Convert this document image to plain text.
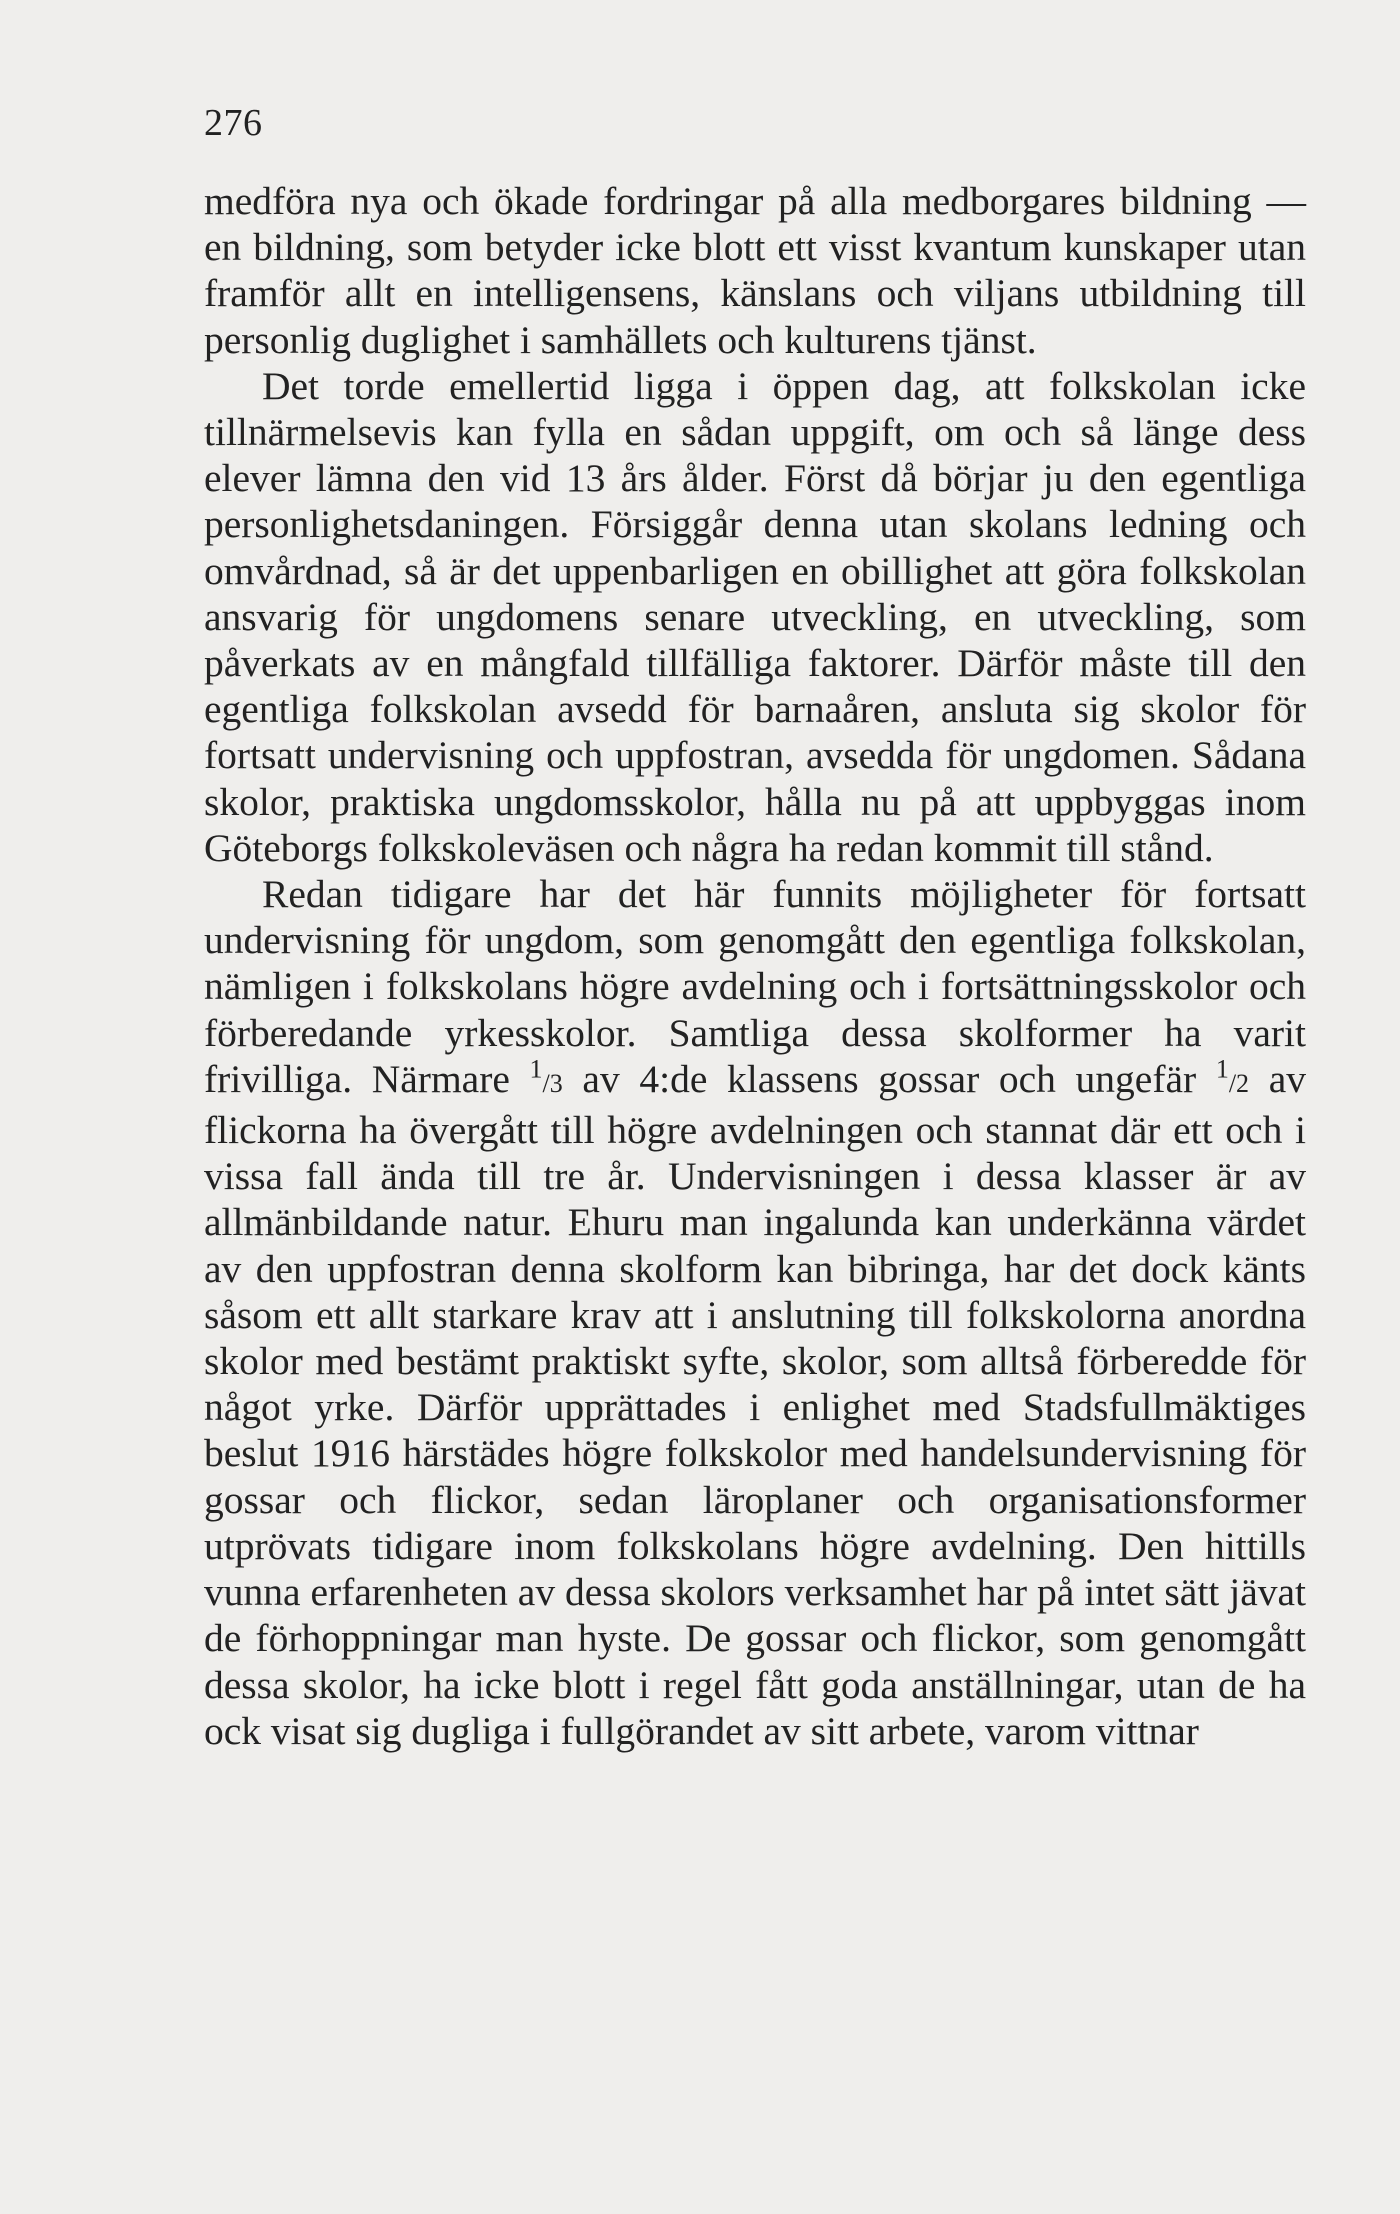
276

medföra nya och ökade fordringar på alla medborgares bildning — en bildning, som betyder icke blott ett visst kvantum kunskaper utan framför allt en intelligensens, känslans och viljans utbildning till personlig duglighet i samhällets och kulturens tjänst.

Det torde emellertid ligga i öppen dag, att folkskolan icke tillnärmelsevis kan fylla en sådan uppgift, om och så länge dess elever lämna den vid 13 års ålder. Först då börjar ju den egentliga personlighetsdaningen. Försiggår denna utan skolans ledning och omvårdnad, så är det uppenbarligen en obillighet att göra folkskolan ansvarig för ungdomens senare utveckling, en utveckling, som påverkats av en mångfald tillfälliga faktorer. Därför måste till den egentliga folkskolan avsedd för barnaåren, ansluta sig skolor för fortsatt undervisning och uppfostran, avsedda för ungdomen. Sådana skolor, praktiska ungdomsskolor, hålla nu på att uppbyggas inom Göteborgs folkskoleväsen och några ha redan kommit till stånd.

Redan tidigare har det här funnits möjligheter för fortsatt undervisning för ungdom, som genomgått den egentliga folkskolan, nämligen i folkskolans högre avdelning och i fortsättningsskolor och förberedande yrkesskolor. Samtliga dessa skolformer ha varit frivilliga. Närmare $^1$/3 av 4:de klassens gossar och ungefär $^1$/2 av flickorna ha övergått till högre avdelningen och stannat där ett och i vissa fall ända till tre år. Undervisningen i dessa klasser är av allmänbildande natur. Ehuru man ingalunda kan underkänna värdet av den uppfostran denna skolform kan bibringa, har det dock känts såsom ett allt starkare krav att i anslutning till folkskolorna anordna skolor med bestämt praktiskt syfte, skolor, som alltså förberedde för något yrke. Därför upprättades i enlighet med Stadsfullmäktiges beslut 1916 härstädes högre folkskolor med handelsundervisning för gossar och flickor, sedan läroplaner och organisationsformer utprövats tidigare inom folkskolans högre avdelning. Den hittills vunna erfarenheten av dessa skolors verksamhet har på intet sätt jävat de förhoppningar man hyste. De gossar och flickor, som genomgått dessa skolor, ha icke blott i regel fått goda anställningar, utan de ha ock visat sig dugliga i fullgörandet av sitt arbete, varom vittnar
